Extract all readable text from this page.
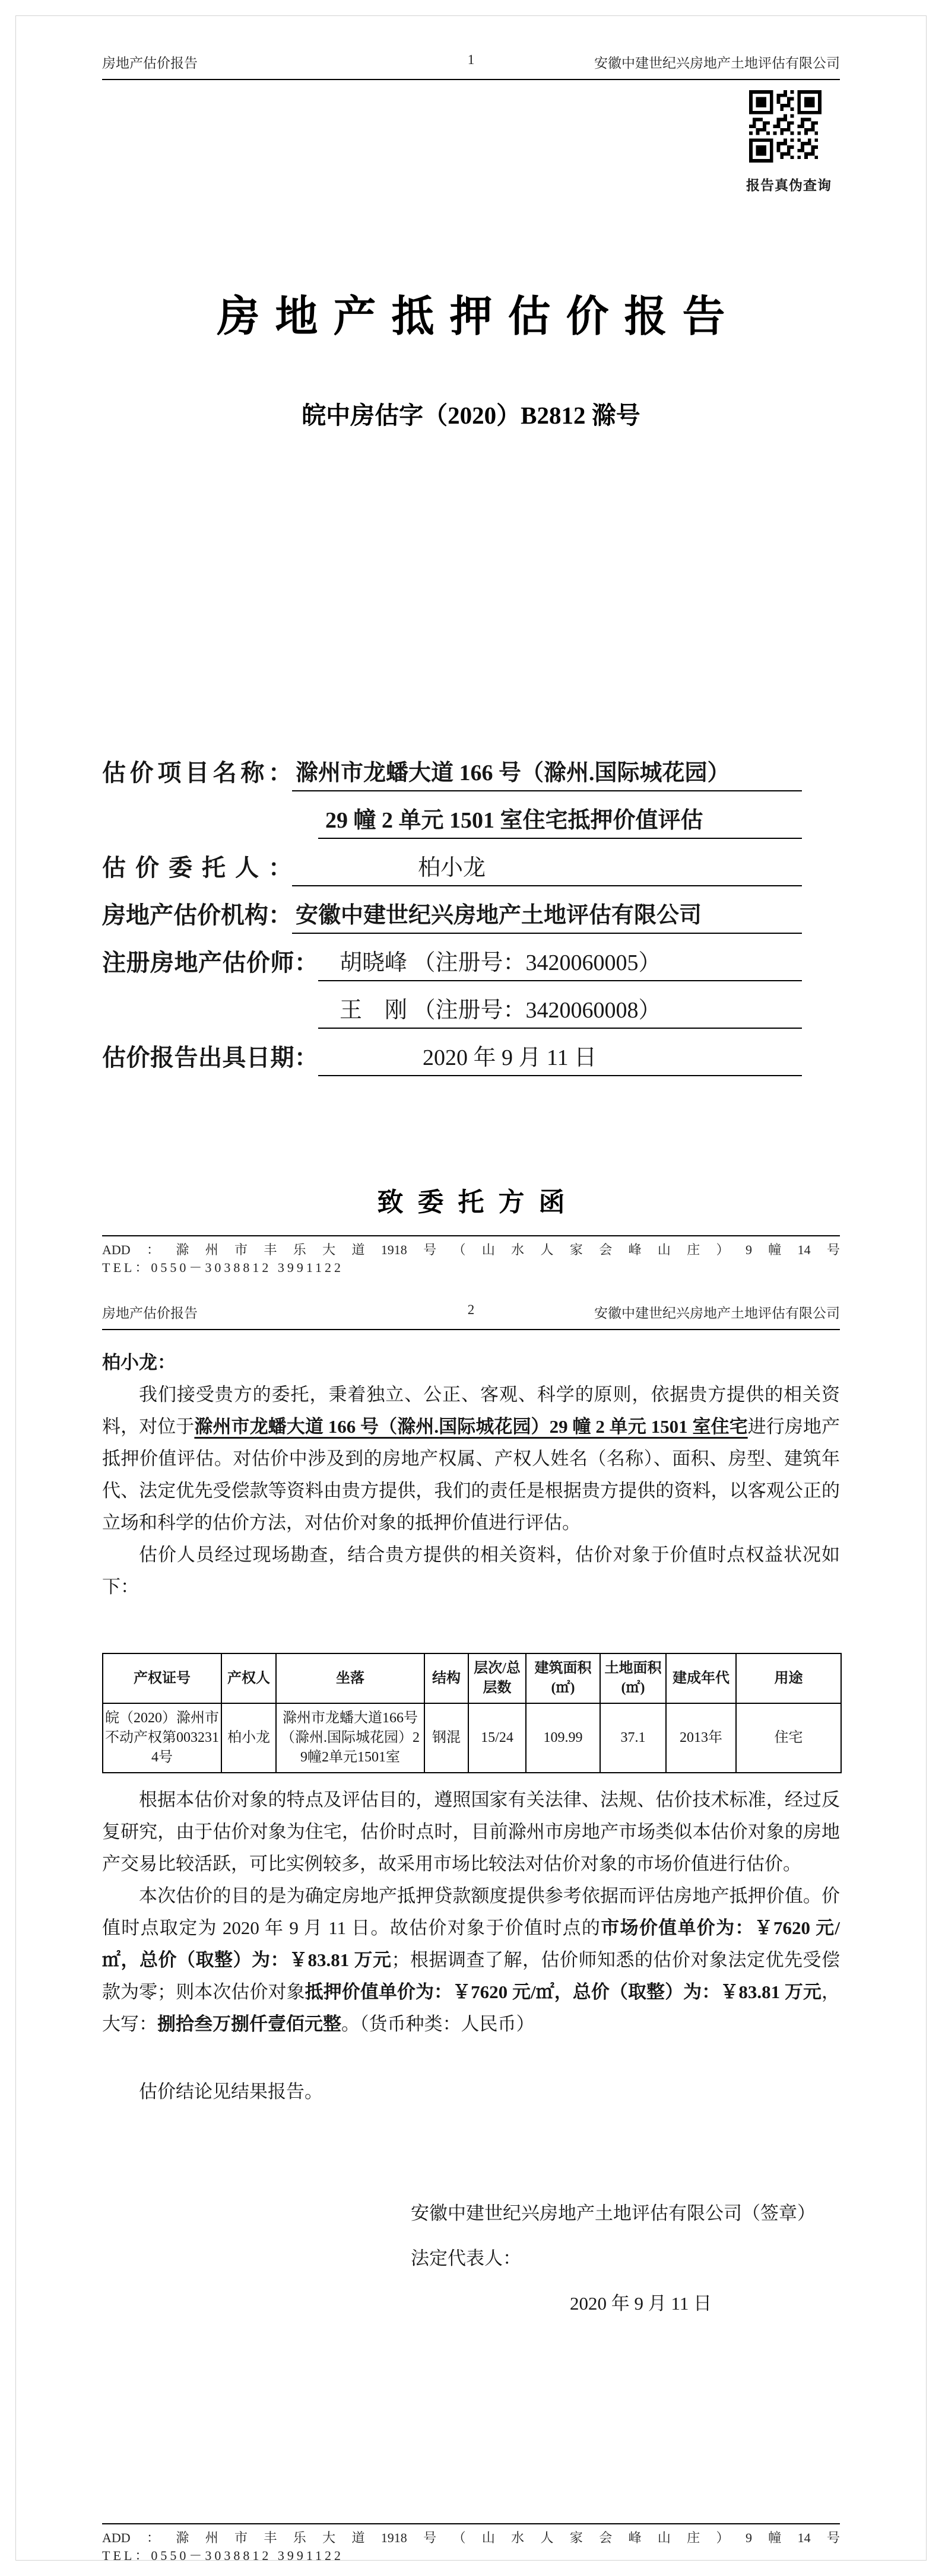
房地产估价报告	1	安徽中建世纪兴房地产土地评估有限公司
报告真伪查询
房地产抵押估价报告
皖中房估字（2020）B2812 滁号
估价项目名称： 滁州市龙蟠大道 166 号（滁州.国际城花园）
29 幢 2 单元 1501 室住宅抵押价值评估
估价委托人：	柏小龙
房地产估价机构： 安徽中建世纪兴房地产土地评估有限公司
注册房地产估价师： 胡晓峰 （注册号：3420060005）
王　刚 （注册号：3420060008）
估价报告出具日期：	2020 年 9 月 11 日
致委托方函
ADD：滁州市丰乐大道1918号（山水人家会峰山庄）9幢14号
TEL：0550－3038812 3991122
房地产估价报告	2	安徽中建世纪兴房地产土地评估有限公司
柏小龙：

我们接受贵方的委托，秉着独立、公正、客观、科学的原则，依据贵方提供的相关资料，对位于滁州市龙蟠大道 166 号（滁州.国际城花园）29 幢 2 单元 1501 室住宅进行房地产抵押价值评估。对估价中涉及到的房地产权属、产权人姓名（名称）、面积、房型、建筑年代、法定优先受偿款等资料由贵方提供，我们的责任是根据贵方提供的资料，以客观公正的立场和科学的估价方法，对估价对象的抵押价值进行评估。

估价人员经过现场勘查，结合贵方提供的相关资料，估价对象于价值时点权益状况如下：

产权证号	产权人	坐落	结构	层次/总层数	建筑面积(㎡)	土地面积(㎡)	建成年代	用途
皖（2020）滁州市不动产权第0032314号	柏小龙	滁州市龙蟠大道166号（滁州.国际城花园）29幢2单元1501室	钢混	15/24	109.99	37.1	2013年	住宅

根据本估价对象的特点及评估目的，遵照国家有关法律、法规、估价技术标准，经过反复研究，由于估价对象为住宅，估价时点时，目前滁州市房地产市场类似本估价对象的房地产交易比较活跃，可比实例较多，故采用市场比较法对估价对象的市场价值进行估价。

本次估价的目的是为确定房地产抵押贷款额度提供参考依据而评估房地产抵押价值。价值时点取定为 2020 年 9 月 11 日。故估价对象于价值时点的市场价值单价为：￥7620 元/㎡，总价（取整）为：￥83.81 万元；根据调查了解，估价师知悉的估价对象法定优先受偿款为零；则本次估价对象抵押价值单价为：￥7620 元/㎡，总价（取整）为：￥83.81 万元，大写：捌拾叁万捌仟壹佰元整。（货币种类：人民币）

估价结论见结果报告。

安徽中建世纪兴房地产土地评估有限公司（签章）
法定代表人：
2020 年 9 月 11 日
ADD：滁州市丰乐大道1918号（山水人家会峰山庄）9幢14号
TEL：0550－3038812 3991122
